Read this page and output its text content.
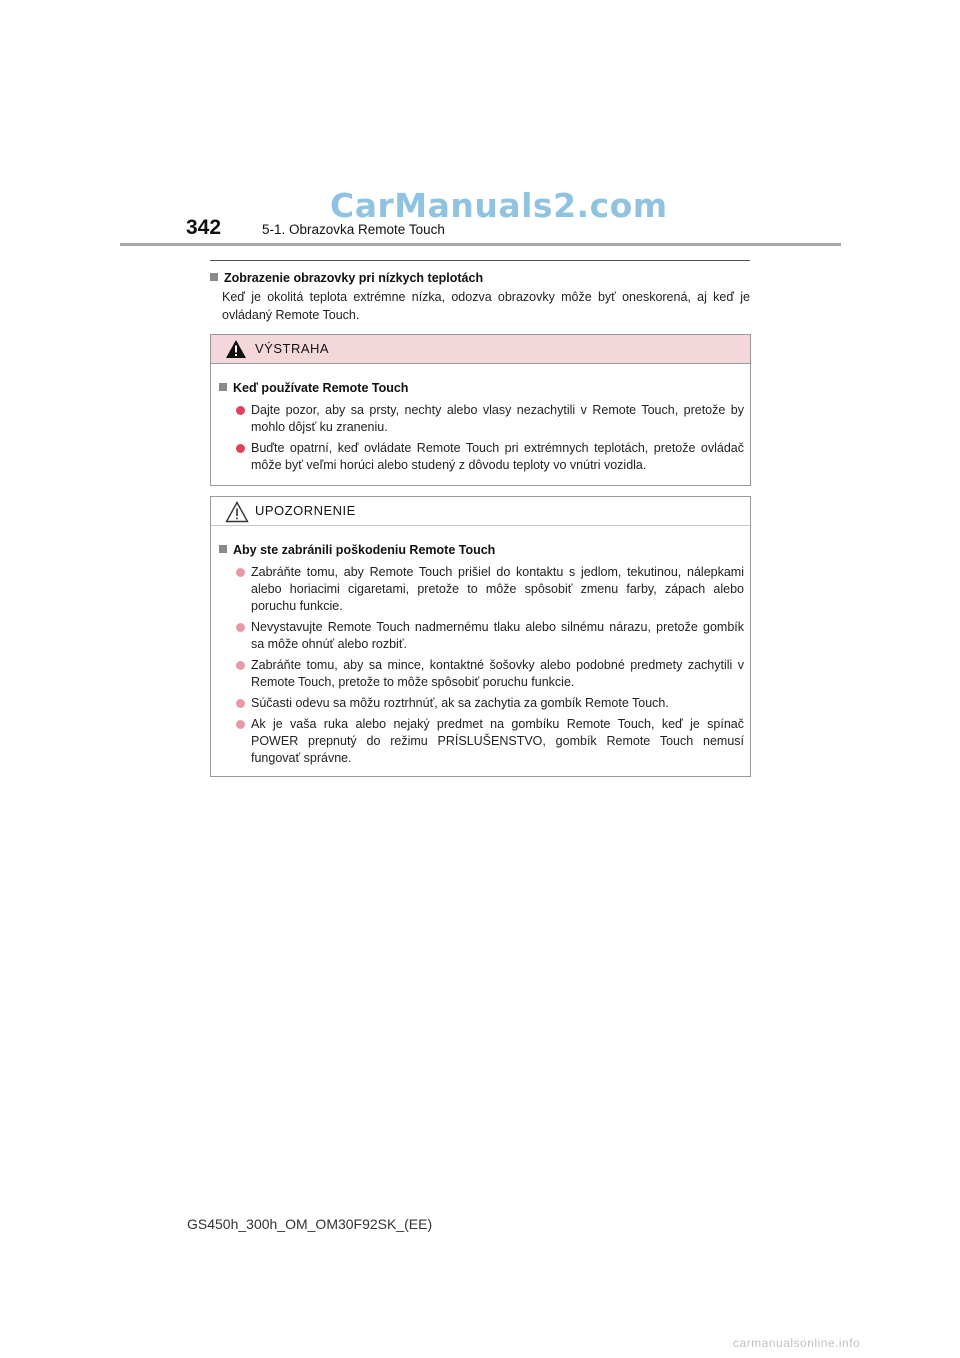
CarManuals2.com
342	5-1. Obrazovka Remote Touch
Zobrazenie obrazovky pri nízkych teplotách
Keď je okolitá teplota extrémne nízka, odozva obrazovky môže byť oneskorená, aj keď je ovládaný Remote Touch.
VÝSTRAHA
Keď používate Remote Touch
Dajte pozor, aby sa prsty, nechty alebo vlasy nezachytili v Remote Touch, pretože by mohlo dôjsť ku zraneniu.
Buďte opatrní, keď ovládate Remote Touch pri extrémnych teplotách, pretože ovládač môže byť veľmi horúci alebo studený z dôvodu teploty vo vnútri vozidla.
UPOZORNENIE
Aby ste zabránili poškodeniu Remote Touch
Zabráňte tomu, aby Remote Touch prišiel do kontaktu s jedlom, tekutinou, nálepkami alebo horiacimi cigaretami, pretože to môže spôsobiť zmenu farby, zápach alebo poruchu funkcie.
Nevystavujte Remote Touch nadmernému tlaku alebo silnému nárazu, pretože gombík sa môže ohnúť alebo rozbiť.
Zabráňte tomu, aby sa mince, kontaktné šošovky alebo podobné predmety zachytili v Remote Touch, pretože to môže spôsobiť poruchu funkcie.
Súčasti odevu sa môžu roztrhnúť, ak sa zachytia za gombík Remote Touch.
Ak je vaša ruka alebo nejaký predmet na gombíku Remote Touch, keď je spínač POWER prepnutý do režimu PRÍSLUŠENSTVO, gombík Remote Touch nemusí fungovať správne.
GS450h_300h_OM_OM30F92SK_(EE)
carmanualsonline.info
